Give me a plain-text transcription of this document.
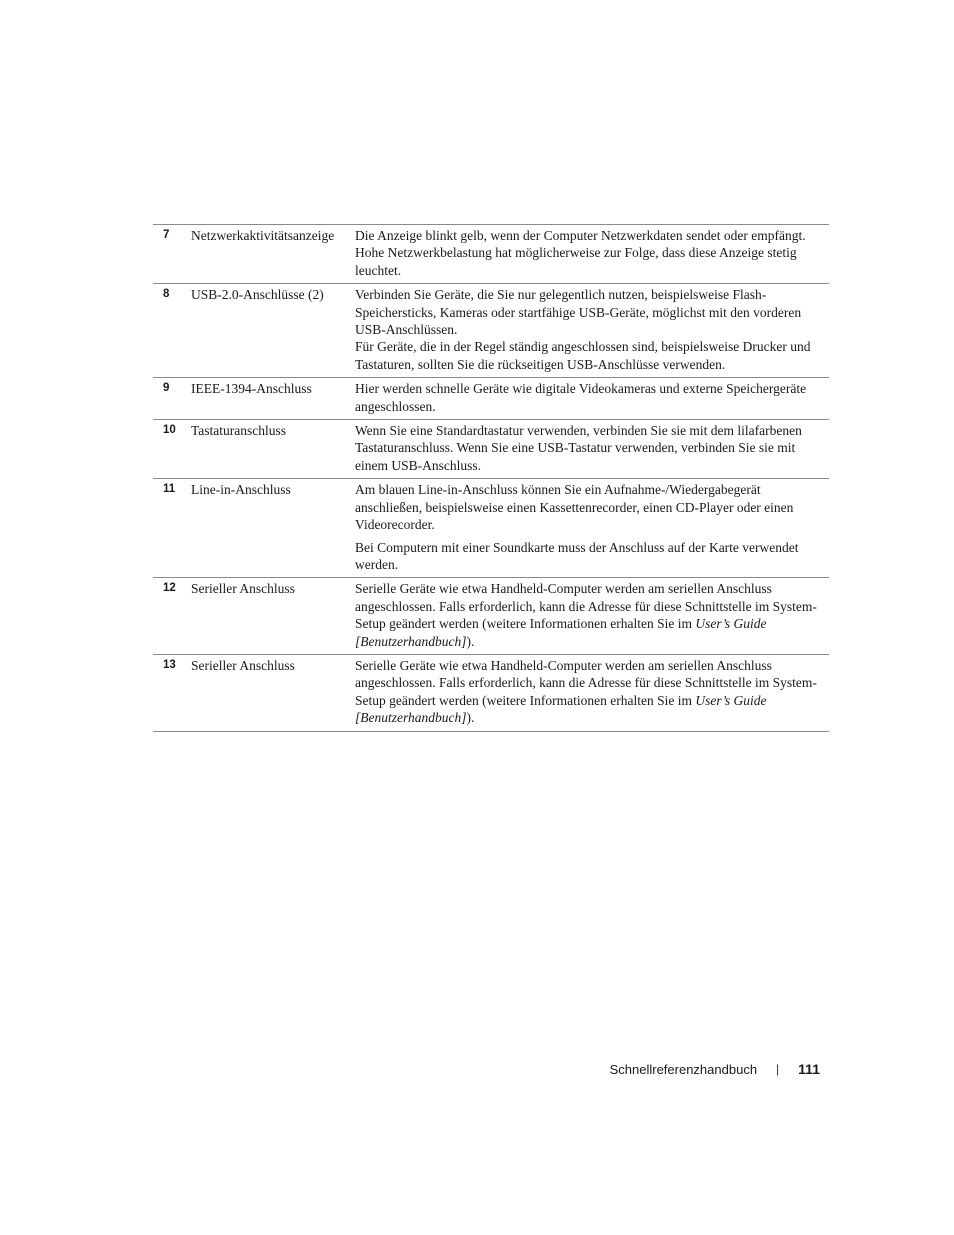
7	Netzwerkaktivitätsanzeige	Die Anzeige blinkt gelb, wenn der Computer Netzwerkdaten sendet oder empfängt. Hohe Netzwerkbelastung hat möglicherweise zur Folge, dass diese Anzeige stetig leuchtet.

8	USB-2.0-Anschlüsse (2)	Verbinden Sie Geräte, die Sie nur gelegentlich nutzen, beispielsweise Flash-Speichersticks, Kameras oder startfähige USB-Geräte, möglichst mit den vorderen USB-Anschlüssen.

Für Geräte, die in der Regel ständig angeschlossen sind, beispielsweise Drucker und Tastaturen, sollten Sie die rückseitigen USB-Anschlüsse verwenden.

9	IEEE-1394-Anschluss	Hier werden schnelle Geräte wie digitale Videokameras und externe Speichergeräte angeschlossen.

10	Tastaturanschluss	Wenn Sie eine Standardtastatur verwenden, verbinden Sie sie mit dem lilafarbenen Tastaturanschluss. Wenn Sie eine USB-Tastatur verwenden, verbinden Sie sie mit einem USB-Anschluss.

11	Line-in-Anschluss	Am blauen Line-in-Anschluss können Sie ein Aufnahme-/Wiedergabegerät anschließen, beispielsweise einen Kassettenrecorder, einen CD-Player oder einen Videorecorder.

Bei Computern mit einer Soundkarte muss der Anschluss auf der Karte verwendet werden.

12	Serieller Anschluss	Serielle Geräte wie etwa Handheld-Computer werden am seriellen Anschluss angeschlossen. Falls erforderlich, kann die Adresse für diese Schnittstelle im System-Setup geändert werden (weitere Informationen erhalten Sie im User’s Guide [Benutzerhandbuch]).

13	Serieller Anschluss	Serielle Geräte wie etwa Handheld-Computer werden am seriellen Anschluss angeschlossen. Falls erforderlich, kann die Adresse für diese Schnittstelle im System-Setup geändert werden (weitere Informationen erhalten Sie im User’s Guide [Benutzerhandbuch]).

Schnellreferenzhandbuch | 111
